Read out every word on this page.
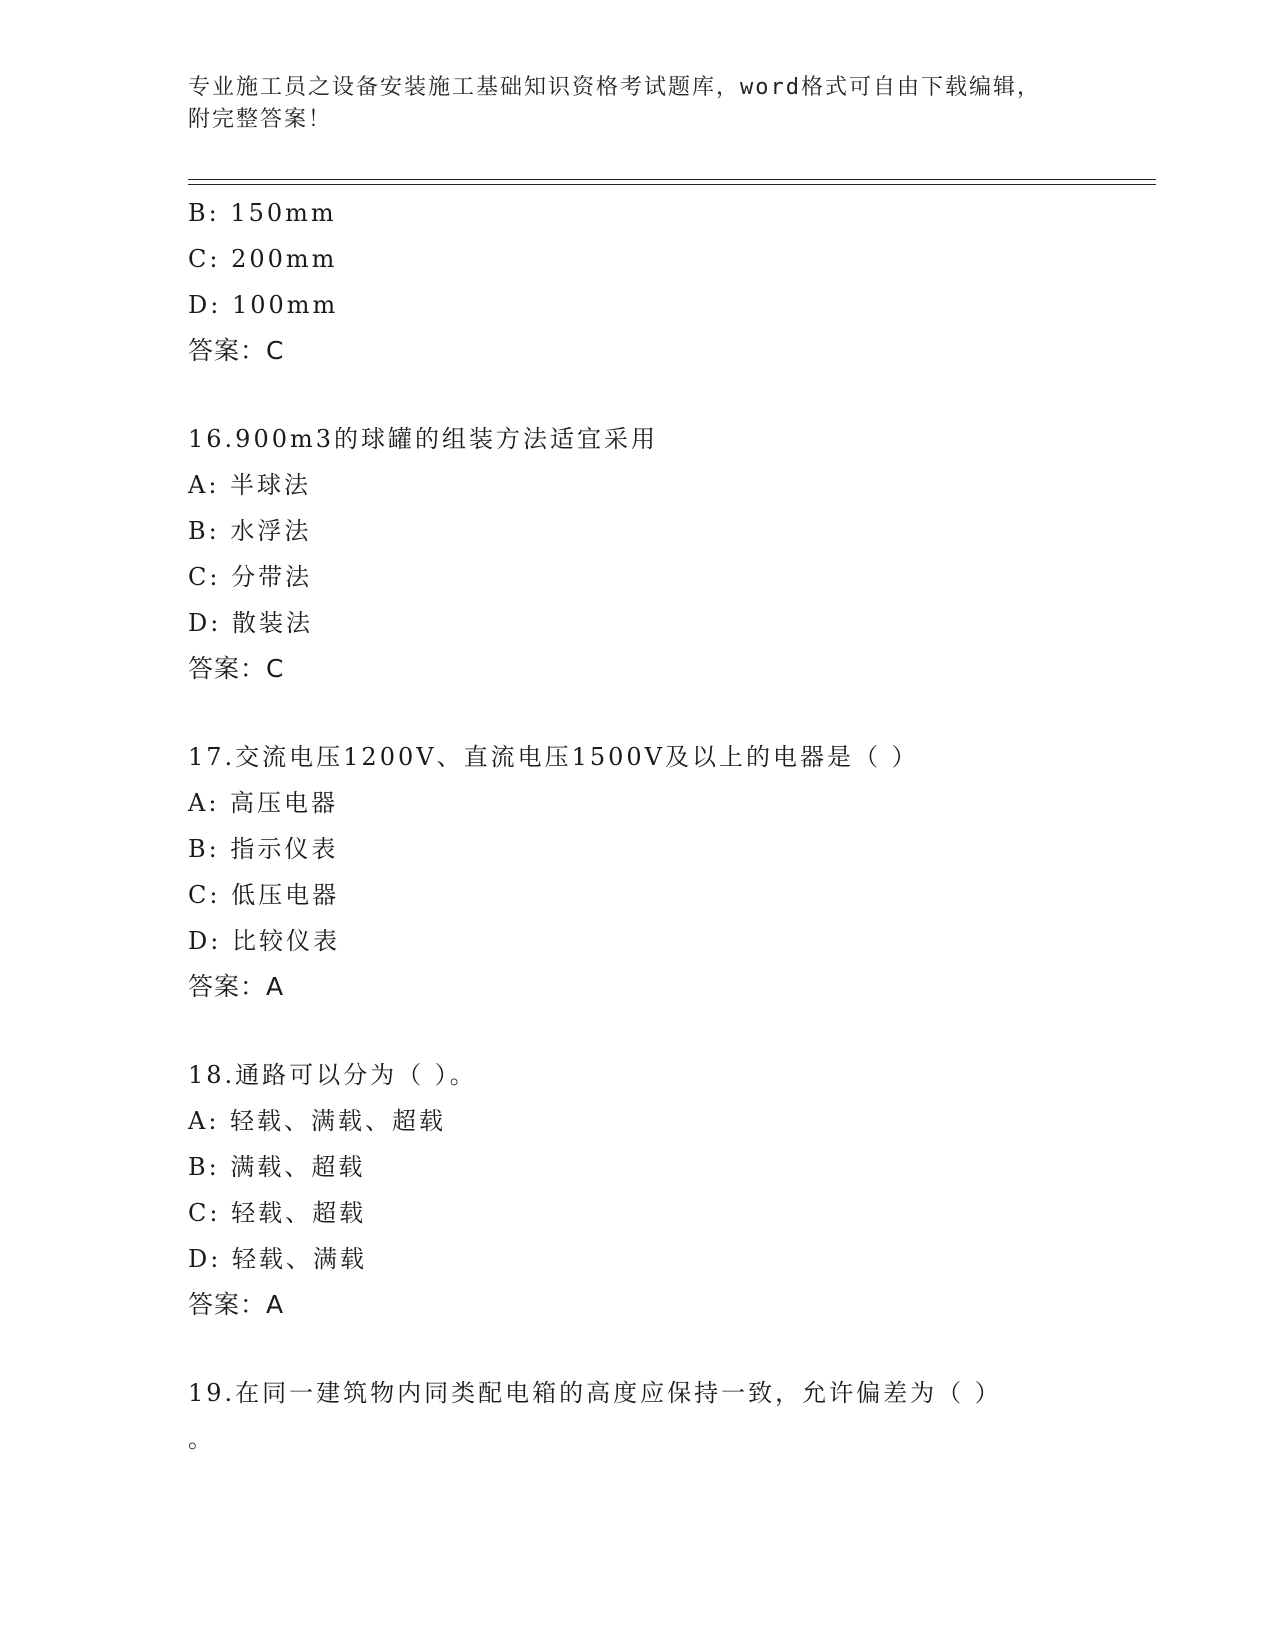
专业施工员之设备安装施工基础知识资格考试题库，word格式可自由下载编辑，
附完整答案！
B: 150mm
C: 200mm
D: 100mm
答案：C
16.900m3的球罐的组装方法适宜采用
A: 半球法
B: 水浮法
C: 分带法
D: 散装法
答案：C
17.交流电压1200V、直流电压1500V及以上的电器是（ ）
A: 高压电器
B: 指示仪表
C: 低压电器
D: 比较仪表
答案：A
18.通路可以分为（ ）。
A: 轻载、满载、超载
B: 满载、超载
C: 轻载、超载
D: 轻载、满载
答案：A
19.在同一建筑物内同类配电箱的高度应保持一致，允许偏差为（ ）
。
